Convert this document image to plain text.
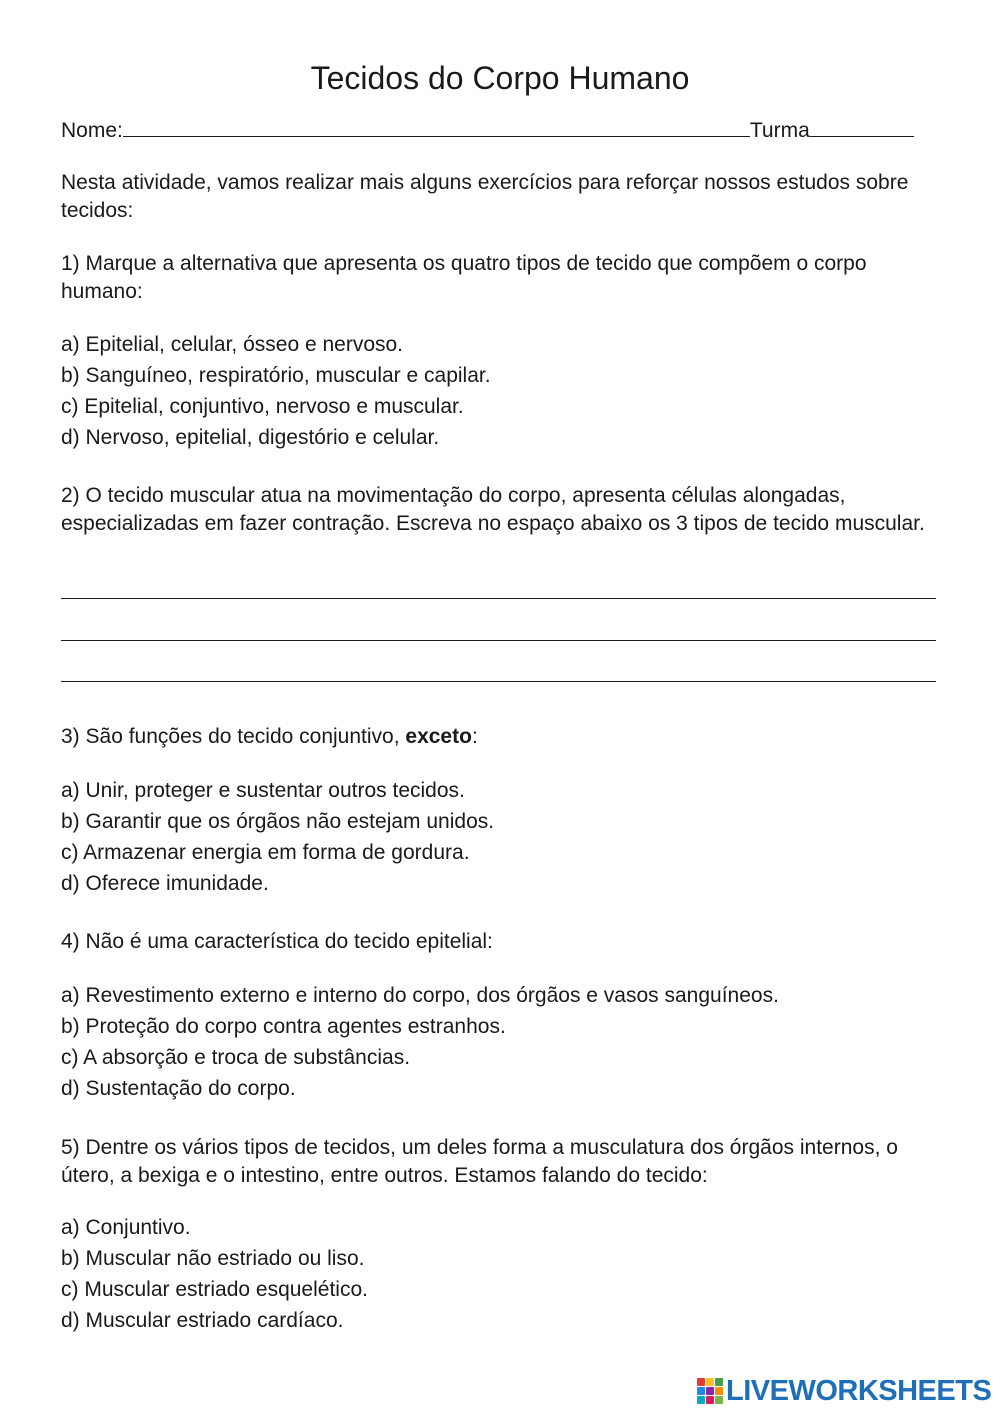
Tecidos do Corpo Humano
Nome:	Turma
Nesta atividade, vamos realizar mais alguns exercícios para reforçar nossos estudos sobre tecidos:
1) Marque a alternativa que apresenta os quatro tipos de tecido que compõem o corpo humano:
a) Epitelial, celular, ósseo e nervoso.
b) Sanguíneo, respiratório, muscular e capilar.
c) Epitelial, conjuntivo, nervoso e muscular.
d) Nervoso, epitelial, digestório e celular.
2) O tecido muscular atua na movimentação do corpo, apresenta células alongadas, especializadas em fazer contração. Escreva no espaço abaixo os 3 tipos de tecido muscular.
3) São funções do tecido conjuntivo, exceto:
a) Unir, proteger e sustentar outros tecidos.
b) Garantir que os órgãos não estejam unidos.
c) Armazenar energia em forma de gordura.
d) Oferece imunidade.
4) Não é uma característica do tecido epitelial:
a) Revestimento externo e interno do corpo, dos órgãos e vasos sanguíneos.
b) Proteção do corpo contra agentes estranhos.
c) A absorção e troca de substâncias.
d) Sustentação do corpo.
5) Dentre os vários tipos de tecidos, um deles forma a musculatura dos órgãos internos, o útero, a bexiga e o intestino, entre outros. Estamos falando do tecido:
a) Conjuntivo.
b) Muscular não estriado ou liso.
c) Muscular estriado esquelético.
d) Muscular estriado cardíaco.
LIVEWORKSHEETS
